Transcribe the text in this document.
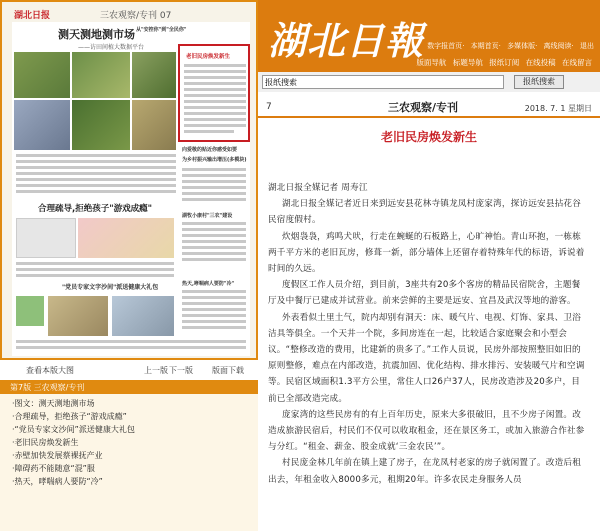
湖北日报	三农观察/专刊 07
测天测地测市场
——访田间植大数据平台
老旧民房焕发新生
从"安控你"到"全民你"
向爱敬的贴近你感受如要
为乡村振兴输出增压(多模块)
合理疏导,拒绝孩子"游戏成瘾"
湖牧小康村"三农"建设
"党员专家文字沙间"派送健康大礼包	热天,哮喘病人要防"冷"
查看本版大图	上一版 下一版 版面下载
第7版 三农观察/专刊
·图文：测天测地测市场
·合理疏导，拒绝孩子“游戏成瘾”
·“党员专家文沙间”派送健康大礼包
·老旧民房焕发新生
·赤壁加快发展蔡裸抚产业
·障碍药不能随意“混”服
·热天，哮喘病人要防“冷”
湖北日報 数字报首页· 本期首页· 多媒体版· 离线阅读· 退出
版面导航 标题导航 报纸订阅 在线投稿 在线留言
报纸搜索
报纸搜索
7	三农观察/专刊	2018. 7. 1 星期日
老旧民房焕发新生

湖北日报全媒记者 周寿江

湖北日报全媒记者近日来到远安县花林寺镇龙凤村庞家湾，探访远安县拈花谷民宿度假村。

炊烟袅袅，鸡鸣犬吠，行走在蜿蜒的石板路上，心旷神怡。青山环抱，一栋栋两千平方米的老旧瓦房，修葺一新，部分墙体上还留存着特殊年代的标语，诉说着时间的久远。

度假区工作人员介绍，到目前，3座共有20多个客房的精品民宿院舍，主题餐厅及中餐厅已建成并试营业。前来尝鲜的主要是远安、宜昌及武汉等地的游客。

外表看似土里土气，院内却别有洞天：床、暖气片、电视、灯饰、家具、卫浴洁具等俱全。一个天井一个院，多间房连在一起，比较适合家庭聚会和小型会议。“整修改造的费用，比建新的贵多了。”工作人员说，民房外部按照整旧如旧的原则整修，难点在内部改造，抗震加固、优化结构、排水排污、安装暖气片和空调等。民宿区域面积1.3平方公里，常住人口26户37人，民房改造涉及20多户，目前已全部改造完成。

庞家湾的这些民房有的有上百年历史，原来大多很破旧，且不少房子闲置。改造成旅游民宿后，村民们不仅可以收取租金，还在景区务工，或加入旅游合作社参与分红。“租金、薪金、股金成就‘三金农民’”。

村民庞金林几年前在镇上建了房子，在龙凤村老家的房子就闲置了。改造后租出去，年租金收入8000多元，租期20年。许多农民走身服务人员
